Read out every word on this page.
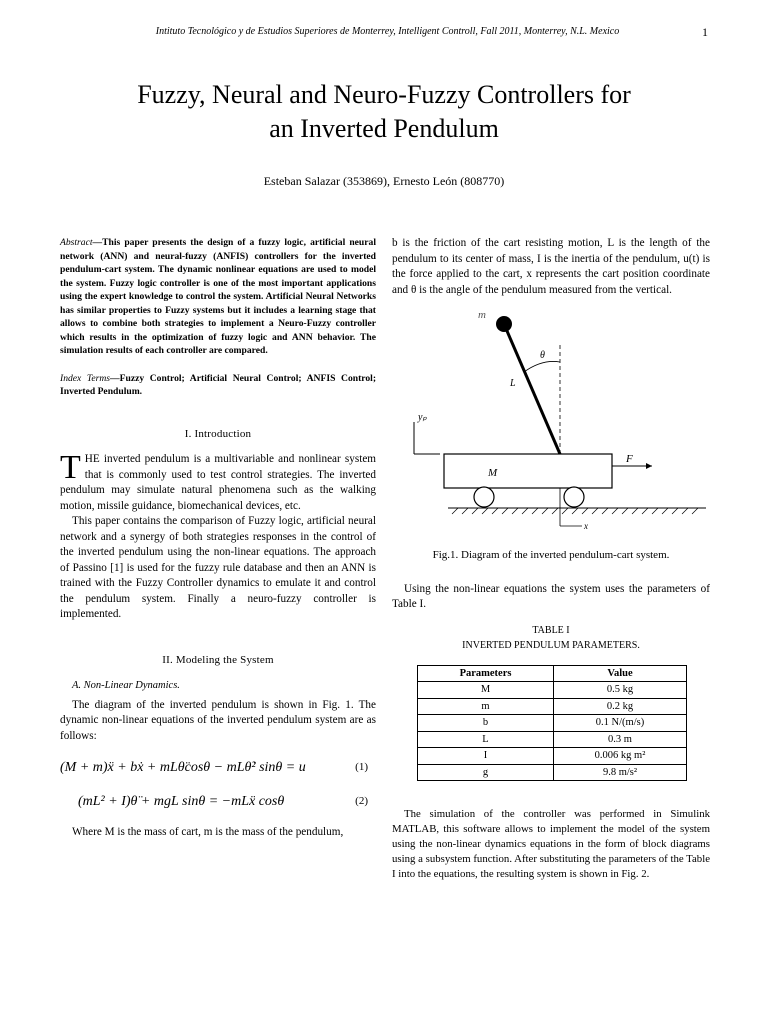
Intituto Tecnológico y de Estudios Superiores de Monterrey, Intelligent Controll, Fall 2011, Monterrey, N.L. Mexico	1
Fuzzy, Neural and Neuro-Fuzzy Controllers for
an Inverted Pendulum
Esteban Salazar (353869), Ernesto León (808770)

Abstract—This paper presents the design of a fuzzy logic, artificial neural network (ANN) and neural-fuzzy (ANFIS) controllers for the inverted pendulum-cart system. The dynamic nonlinear equations are used to model the system. Fuzzy logic controller is one of the most important applications using the expert knowledge to control the system. Artificial Neural Networks has similar properties to Fuzzy systems but it includes a learning stage that allows to combine both strategies to implement a Neuro-Fuzzy controller which results in the optimization of fuzzy logic and ANN behavior. The simulation results of each controller are compared.

Index Terms—Fuzzy Control; Artificial Neural Control; ANFIS Control; Inverted Pendulum.

I. Introduction

THE inverted pendulum is a multivariable and nonlinear system that is commonly used to test control strategies. The inverted pendulum may simulate natural phenomena such as the walking motion, missile guidance, biomechanical devices, etc.

This paper contains the comparison of Fuzzy logic, artificial neural network and a synergy of both strategies responses in the control of the inverted pendulum using the non-linear equations. The approach of Passino [1] is used for the fuzzy rule database and then an ANN is trained with the Fuzzy Controller dynamics to emulate it and control the pendulum system. Finally a neuro-fuzzy controller is implemented.

II. Modeling the System
A. Non-Linear Dynamics.

The diagram of the inverted pendulum is shown in Fig. 1. The dynamic non-linear equations of the inverted pendulum system are as follows:

(M + m)ẍ + bẋ + mLθ̈cosθ − mLθ̇² sinθ = u	(1)
(mL² + I)θ̈ + mgL sinθ = −mLẍ cosθ	(2)

Where M is the mass of cart, m is the mass of the pendulum,

b is the friction of the cart resisting motion, L is the length of the pendulum to its center of mass, I is the inertia of the pendulum, u(t) is the force applied to the cart, x represents the cart position coordinate and θ is the angle of the pendulum measured from the vertical.

yₚ
m
θ
L
M
F
x
Fig.1. Diagram of the inverted pendulum-cart system.

Using the non-linear equations the system uses the parameters of Table I.

TABLE I
INVERTED PENDULUM PARAMETERS.
Parameters	Value
M	0.5 kg
m	0.2 kg
b	0.1 N/(m/s)
L	0.3 m
I	0.006 kg m²
g	9.8 m/s²

The simulation of the controller was performed in Simulink MATLAB, this software allows to implement the model of the system using the non-linear dynamics equations in the form of block diagrams using a subsystem function. After substituting the parameters of the Table I into the equations, the resulting system is shown in Fig. 2.
